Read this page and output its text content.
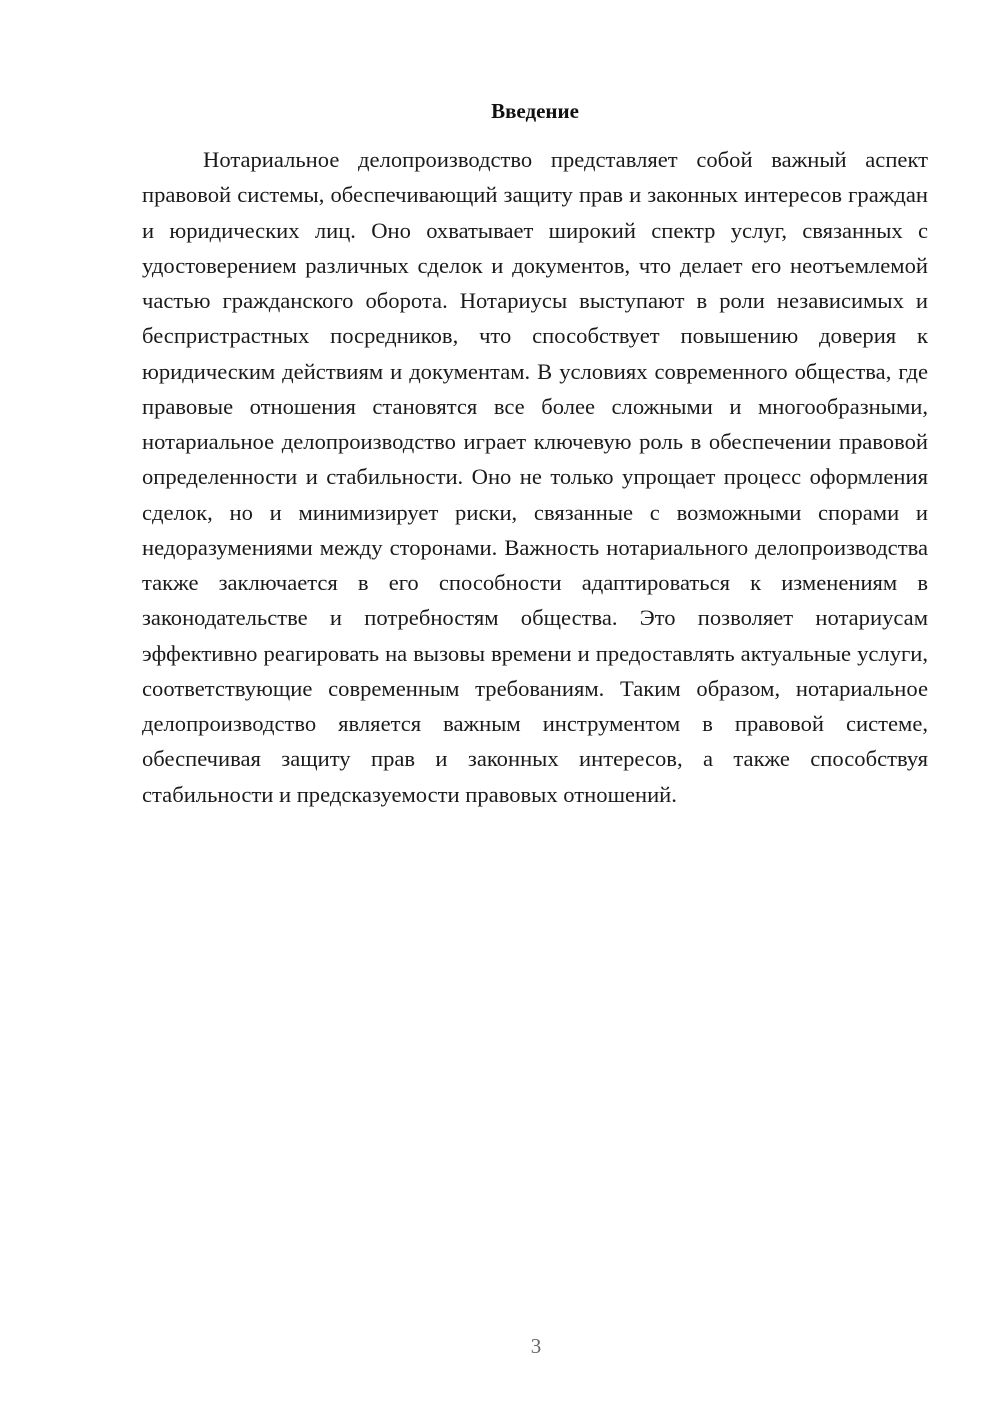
Введение

Нотариальное делопроизводство представляет собой важный аспект правовой системы, обеспечивающий защиту прав и законных интересов граждан и юридических лиц. Оно охватывает широкий спектр услуг, связанных с удостоверением различных сделок и документов, что делает его неотъемлемой частью гражданского оборота. Нотариусы выступают в роли независимых и беспристрастных посредников, что способствует повышению доверия к юридическим действиям и документам. В условиях современного общества, где правовые отношения становятся все более сложными и многообразными, нотариальное делопроизводство играет ключевую роль в обеспечении правовой определенности и стабильности. Оно не только упрощает процесс оформления сделок, но и минимизирует риски, связанные с возможными спорами и недоразумениями между сторонами. Важность нотариального делопроизводства также заключается в его способности адаптироваться к изменениям в законодательстве и потребностям общества. Это позволяет нотариусам эффективно реагировать на вызовы времени и предоставлять актуальные услуги, соответствующие современным требованиям. Таким образом, нотариальное делопроизводство является важным инструментом в правовой системе, обеспечивая защиту прав и законных интересов, а также способствуя стабильности и предсказуемости правовых отношений.

3
